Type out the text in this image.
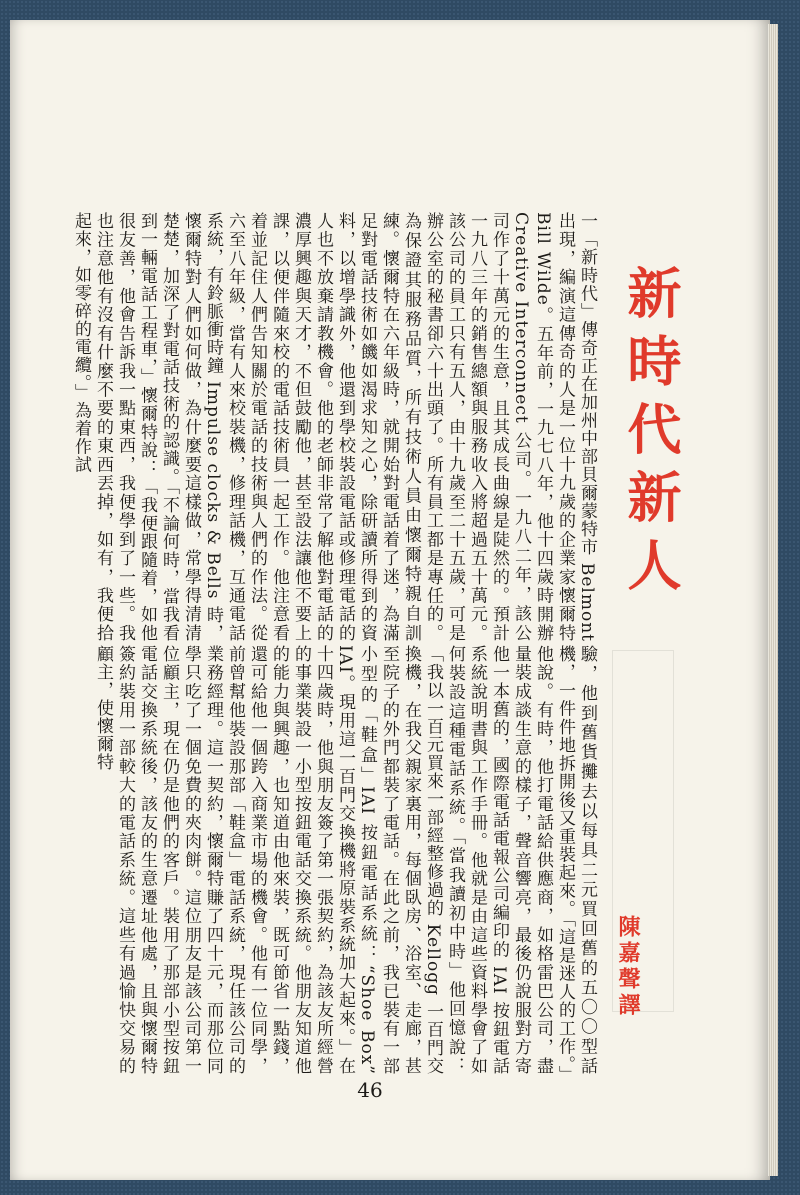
新時代新人
陳嘉聲譯
一「新時代」傳奇正在加州中部貝爾蒙特市 Belmont 出現，編演這傳奇的人是一位十九歲的企業家懷爾特 Bill Wilde。五年前，一九七八年，他十四歲時開辦 Creative Interconnect 公司。一九八二年，該公司作了十萬元的生意，且其成長曲線是陡然的。預計一九八三年的銷售總額與服務收入將超過五十萬元。該公司的員工只有五人，由十九歲至二十五歲，可是辦公室的秘書卻六十出頭了。所有員工都是專任的。為保證其服務品質，所有技術人員由懷爾特親自訓練。懷爾特在六年級時，就開始對電話着了迷，為滿足對電話技術如饑如渴求知之心，除研讀所得到的資料，以增學識外，他還到學校裝設電話或修理電話的人也不放棄請教機會。他的老師非常了解他對電話的濃厚興趣與天才，不但鼓勵他，甚至設法讓他不要上課，以便伴隨來校的電話技術員一起工作。他注意看着並記住人們告知關於電話的技術與人們的作法。從六至八年級，當有人來校裝機，修理話機，互通電話系統，有鈴脈衝時鐘 Impulse clocks & Bells 時，懷爾特對人們如何做，為什麼要這樣做，常學得清清楚楚，加深了對電話技術的認識。「不論何時，當我看到一輛電話工程車，」懷爾特說：「我便跟隨着，如他很友善，他會告訴我一點東西，我便學到了一些。我也注意他有沒有什麼不要的東西丟掉，如有，我便拾起來，如零碎的電纜。」為着作試
驗，他到舊貨攤去以每具二元買回舊的五〇〇型話機，一件件地拆開後又重裝起來。「這是迷人的工作。」他說。有時，他打電話給供應商，如格雷巴公司，盡量裝成談生意的樣子，聲音響亮，最後仍說服對方寄他一本舊的，國際電話電報公司編印的 IAI 按鈕電話系統說明書與工作手冊。他就是由這些資料學會了如何裝設這種電話系統。「當我讀初中時」他回憶說：「我以一百元買來一部經整修過的 Kellogg 一百門交換機，在我父親家裏用，每個臥房、浴室、走廊，甚至院子的外門都裝了電話。在此之前，我已裝有一部小型的「鞋盒」IAI 按鈕電話系統：“Shoe Box” IAI。現用這一百門交換機將原裝系統加大起來。」在十四歲時，他與朋友簽了第一張契約，為該友所經營的事業裝設一小型按鈕電話交換系統。他朋友知道他的能力與興趣，也知道由他來裝，既可節省一點錢，還可給他一個跨入商業市場的機會。他有一位同學，前曾幫他裝設那部「鞋盒」電話系統，現任該公司的業務經理。這一契約，懷爾特賺了四十元，而那位同學只吃了一個免費的夾肉餅。這位朋友是該公司第一位顧主，現在仍是他們的客戶。裝用了那部小型按鈕電話交換系統後，該友的生意遷址他處，且與懷爾特簽約裝用一部較大的電話系統。這些有過愉快交易的顧主，使懷爾特
46
